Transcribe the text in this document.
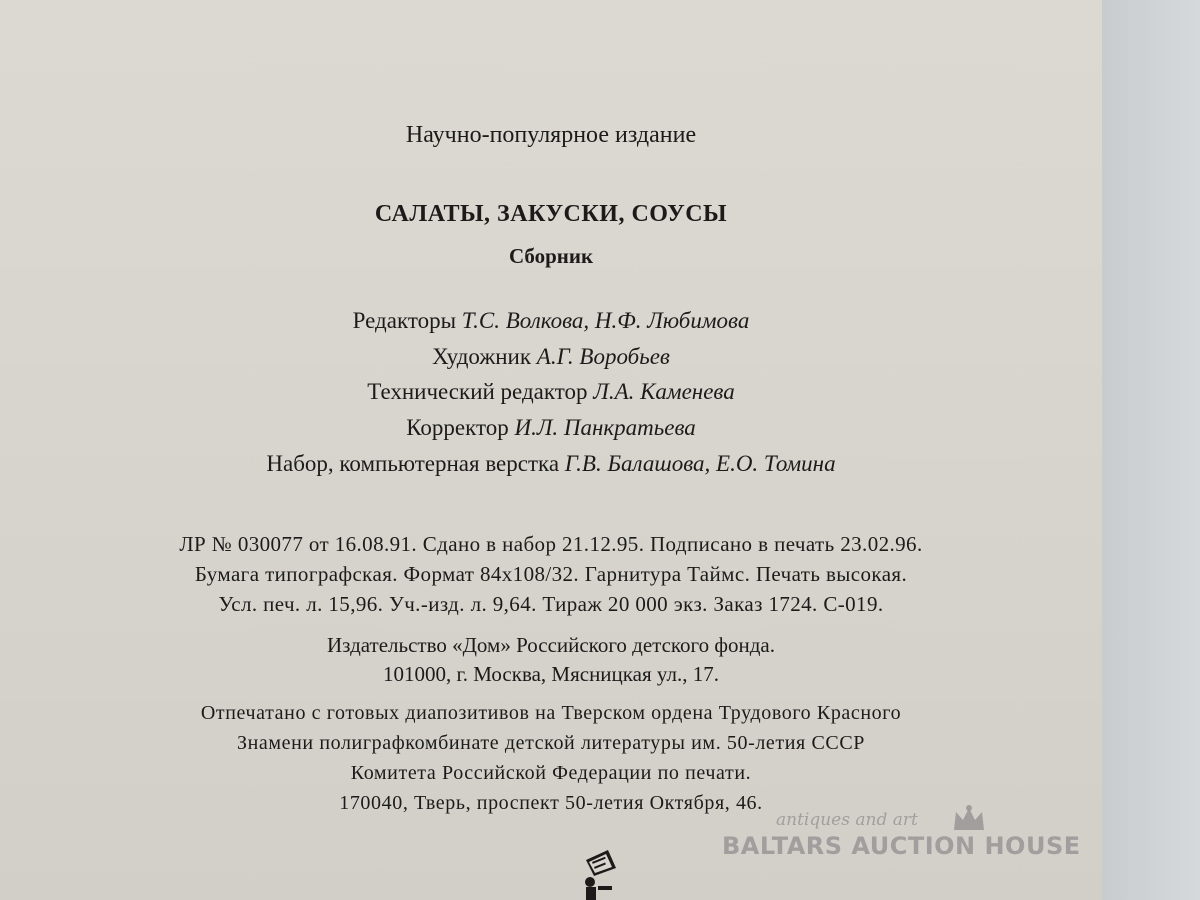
Научно-популярное издание
САЛАТЫ, ЗАКУСКИ, СОУСЫ
Сборник
Редакторы Т.С. Волкова, Н.Ф. Любимова
Художник А.Г. Воробьев
Технический редактор Л.А. Каменева
Корректор И.Л. Панкратьева
Набор, компьютерная верстка Г.В. Балашова, Е.О. Томина
ЛР № 030077 от 16.08.91. Сдано в набор 21.12.95. Подписано в печать 23.02.96.
Бумага типографская. Формат 84x108/32. Гарнитура Таймс. Печать высокая.
Усл. печ. л. 15,96. Уч.-изд. л. 9,64. Тираж 20 000 экз. Заказ 1724. С-019.
Издательство «Дом» Российского детского фонда.
101000, г. Москва, Мясницкая ул., 17.
Отпечатано с готовых диапозитивов на Тверском ордена Трудового Красного
Знамени полиграфкомбинате детской литературы им. 50-летия СССР
Комитета Российской Федерации по печати.
170040, Тверь, проспект 50-летия Октября, 46.
antiques and art
BALTARS AUCTION HOUSE
